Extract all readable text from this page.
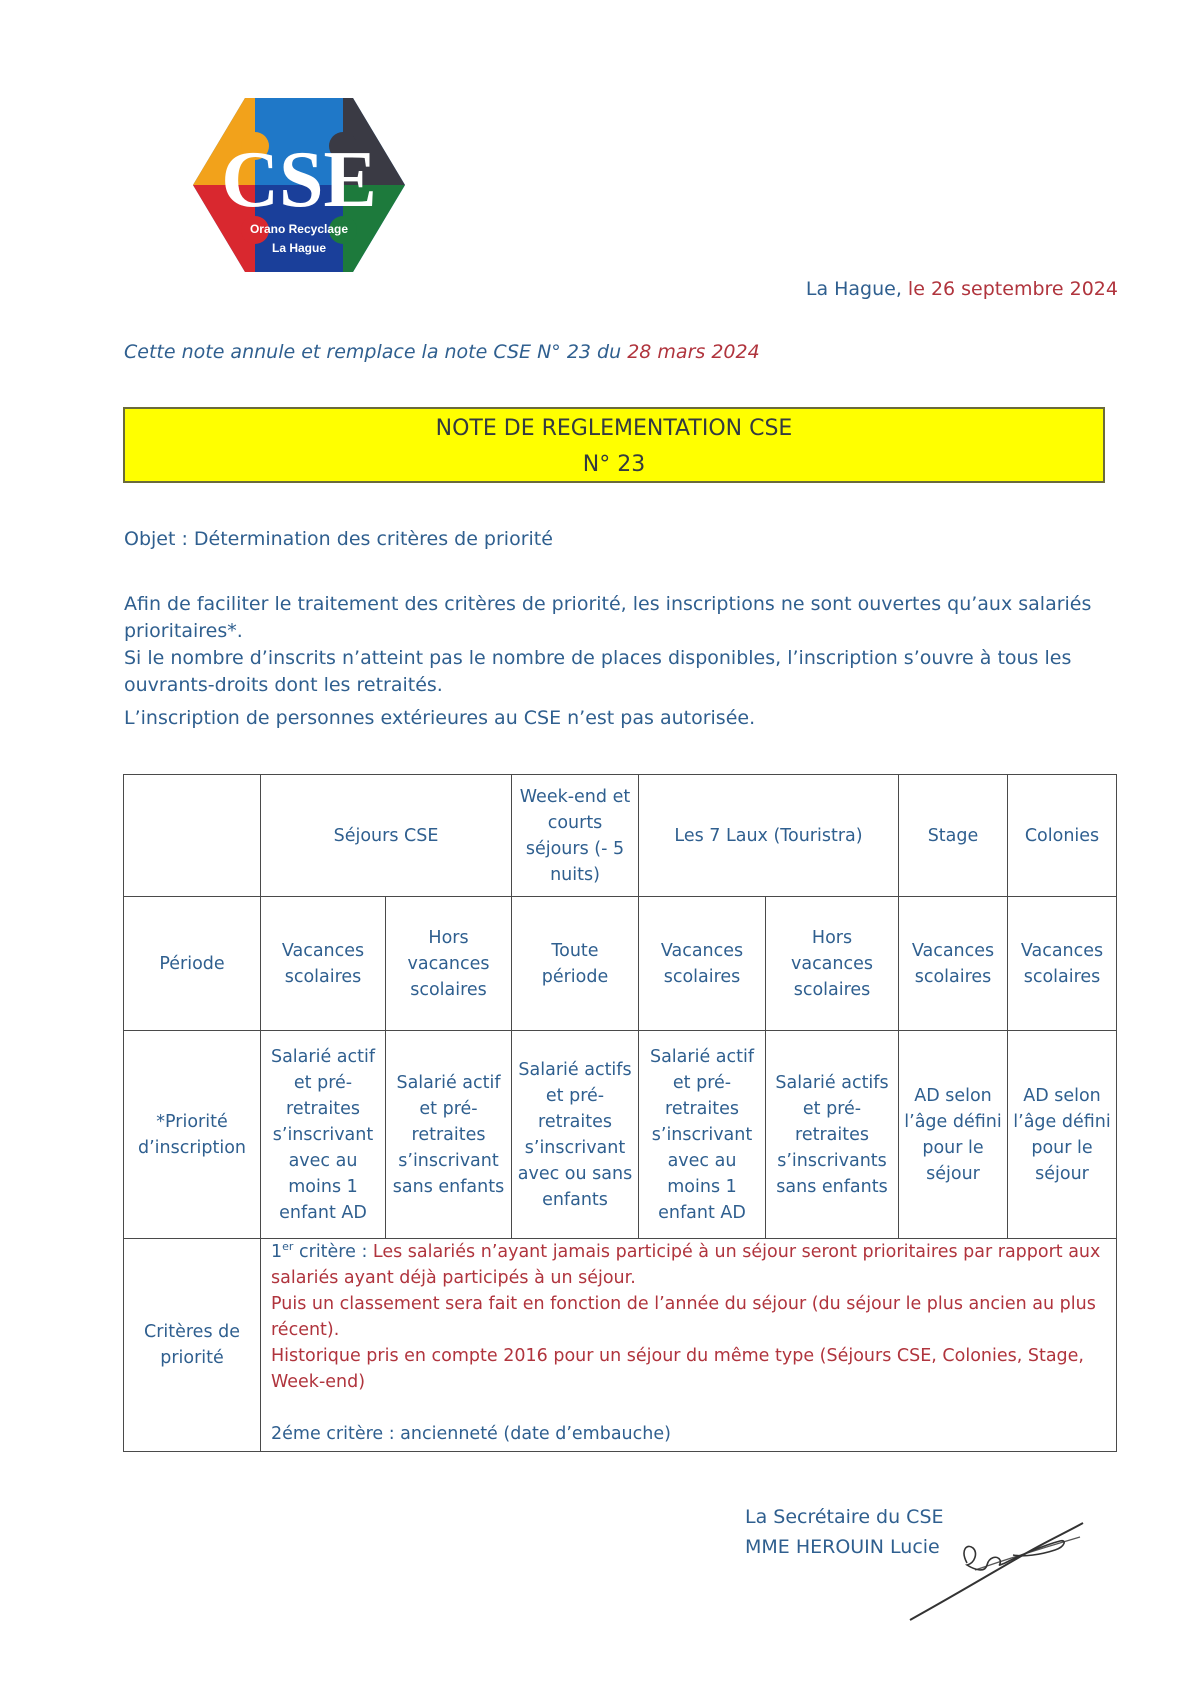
CSE
Orano Recyclage
La Hague
La Hague, le 26 septembre 2024
Cette note annule et remplace la note CSE N° 23 du 28 mars 2024
NOTE DE REGLEMENTATION CSE
N° 23
Objet : Détermination des critères de priorité

Afin de faciliter le traitement des critères de priorité, les inscriptions ne sont ouvertes qu’aux salariés prioritaires*.

Si le nombre d’inscrits n’atteint pas le nombre de places disponibles, l’inscription s’ouvre à tous les ouvrants-droits dont les retraités.

L’inscription de personnes extérieures au CSE n’est pas autorisée.

	Séjours CSE		Week-end et courts séjours (- 5 nuits)	Les 7 Laux (Touristra)		Stage	Colonies
Période	Vacances scolaires	Hors vacances scolaires	Toute période	Vacances scolaires	Hors vacances scolaires	Vacances scolaires	Vacances scolaires
*Priorité d’inscription	Salarié actif et pré-retraites s’inscrivant avec au moins 1 enfant AD	Salarié actif et pré-retraites s’inscrivant sans enfants	Salarié actifs et pré-retraites s’inscrivant avec ou sans enfants	Salarié actif et pré-retraites s’inscrivant avec au moins 1 enfant AD	Salarié actifs et pré-retraites s’inscrivants sans enfants	AD selon l’âge défini pour le séjour	AD selon l’âge défini pour le séjour
Critères de priorité	1er critère : Les salariés n’ayant jamais participé à un séjour seront prioritaires par rapport aux salariés ayant déjà participés à un séjour.

Puis un classement sera fait en fonction de l’année du séjour (du séjour le plus ancien au plus récent).

Historique pris en compte 2016 pour un séjour du même type (Séjours CSE, Colonies, Stage, Week-end)

2éme critère : ancienneté (date d’embauche)						

La Secrétaire du CSE
MME HEROUIN Lucie
